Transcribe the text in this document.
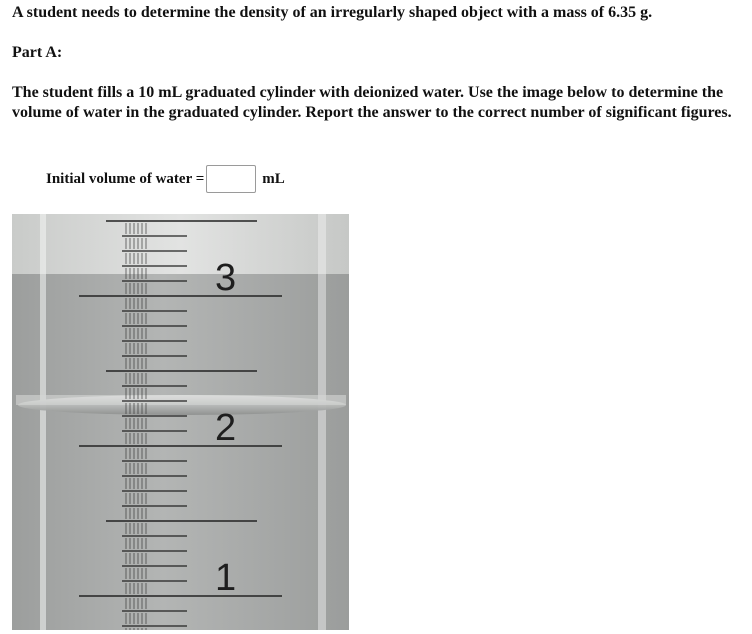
A student needs to determine the density of an irregularly shaped object with a mass of 6.35 g.

Part A:

The student fills a 10 mL graduated cylinder with deionized water. Use the image below to determine the volume of water in the graduated cylinder. Report the answer to the correct number of significant figures.

Initial volume of water =	mL
3
2
1
